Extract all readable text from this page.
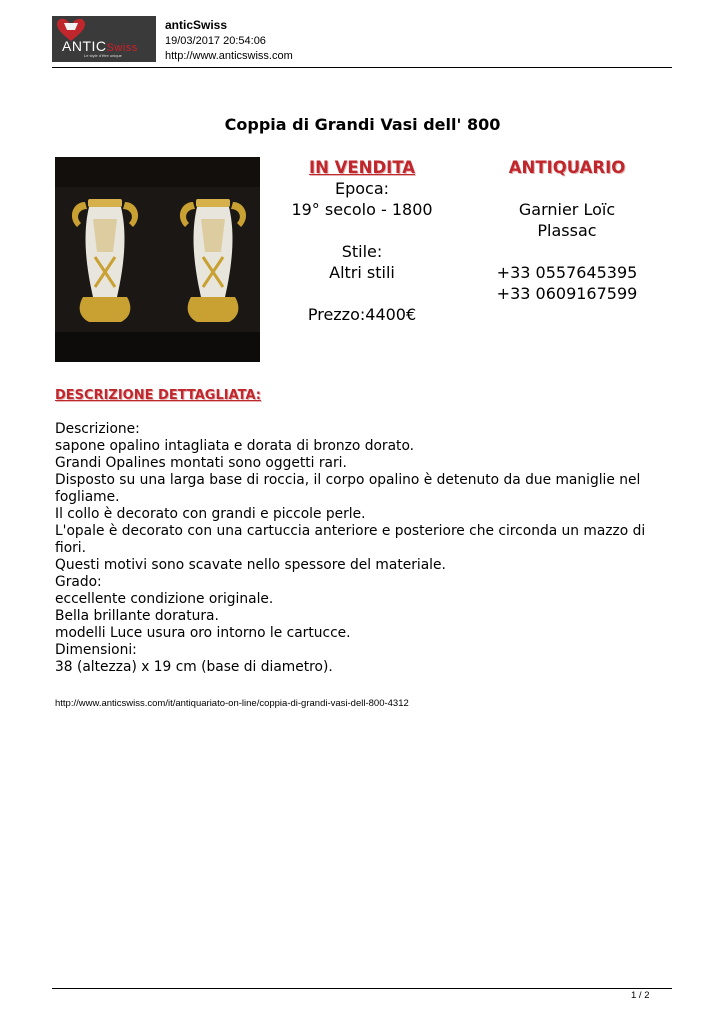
ANTICSwiss
Le style d'être unique
anticSwiss
19/03/2017 20:54:06
http://www.anticswiss.com
Coppia di Grandi Vasi dell' 800
IN VENDITA
Epoca:
19° secolo - 1800
Stile:
Altri stili
Prezzo:4400€
ANTIQUARIO
Garnier Loïc
Plassac
+33 0557645395
+33 0609167599
DESCRIZIONE DETTAGLIATA:
Descrizione:
sapone opalino intagliata e dorata di bronzo dorato.
Grandi Opalines montati sono oggetti rari.
Disposto su una larga base di roccia, il corpo opalino è detenuto da due maniglie nel
fogliame.
Il collo è decorato con grandi e piccole perle.
L'opale è decorato con una cartuccia anteriore e posteriore che circonda un mazzo di
fiori.
Questi motivi sono scavate nello spessore del materiale.
Grado:
eccellente condizione originale.
Bella brillante doratura.
modelli Luce usura oro intorno le cartucce.
Dimensioni:
38 (altezza) x 19 cm (base di diametro).
http://www.anticswiss.com/it/antiquariato-on-line/coppia-di-grandi-vasi-dell-800-4312
1 / 2
